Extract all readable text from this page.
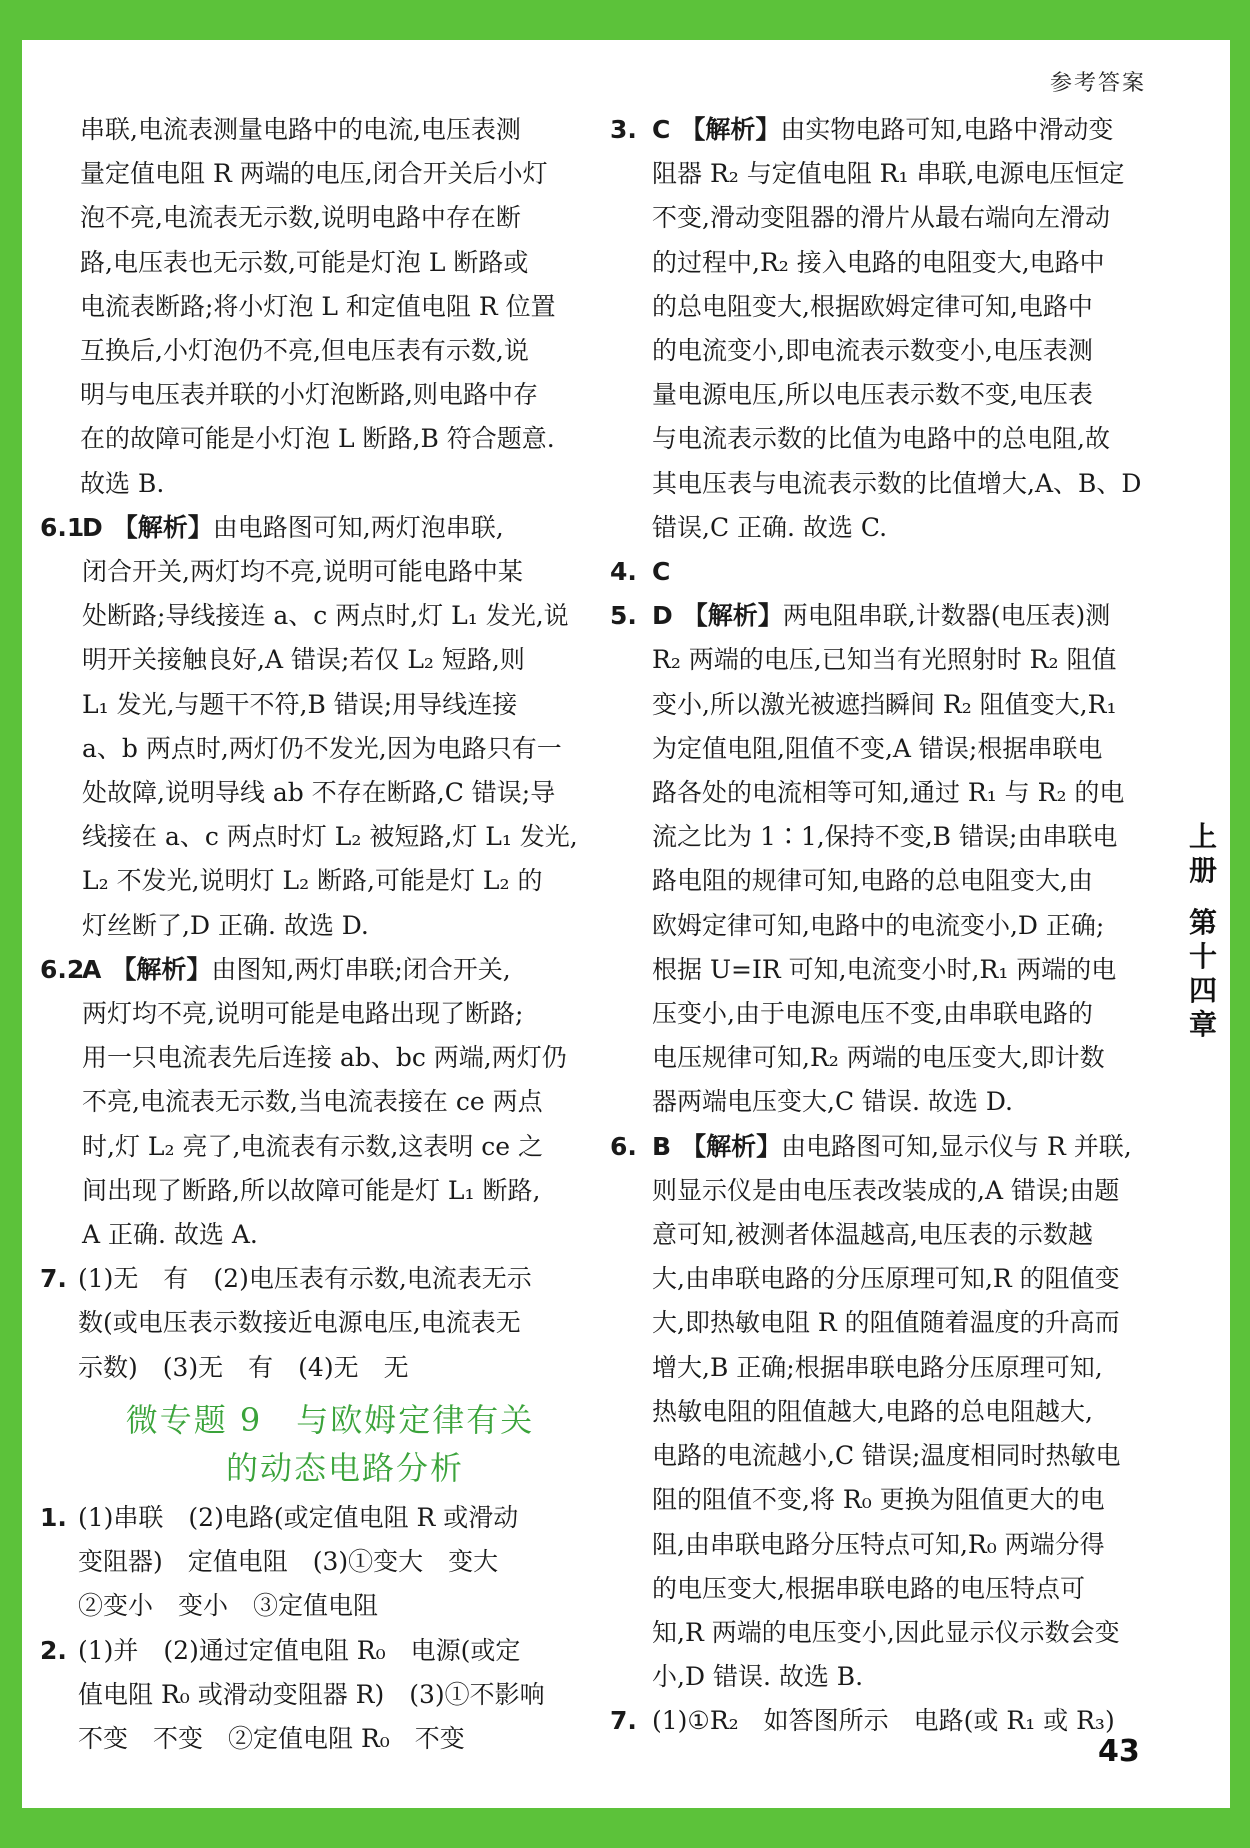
参考答案
串联,电流表测量电路中的电流,电压表测
量定值电阻 R 两端的电压,闭合开关后小灯
泡不亮,电流表无示数,说明电路中存在断
路,电压表也无示数,可能是灯泡 L 断路或
电流表断路;将小灯泡 L 和定值电阻 R 位置
互换后,小灯泡仍不亮,但电压表有示数,说
明与电压表并联的小灯泡断路,则电路中存
在的故障可能是小灯泡 L 断路,B 符合题意.
故选 B.
6.1
D 【解析】由电路图可知,两灯泡串联,
闭合开关,两灯均不亮,说明可能电路中某
处断路;导线接连 a、c 两点时,灯 L₁ 发光,说
明开关接触良好,A 错误;若仅 L₂ 短路,则
L₁ 发光,与题干不符,B 错误;用导线连接
a、b 两点时,两灯仍不发光,因为电路只有一
处故障,说明导线 ab 不存在断路,C 错误;导
线接在 a、c 两点时灯 L₂ 被短路,灯 L₁ 发光,
L₂ 不发光,说明灯 L₂ 断路,可能是灯 L₂ 的
灯丝断了,D 正确. 故选 D.
6.2
A 【解析】由图知,两灯串联;闭合开关,
两灯均不亮,说明可能是电路出现了断路;
用一只电流表先后连接 ab、bc 两端,两灯仍
不亮,电流表无示数,当电流表接在 ce 两点
时,灯 L₂ 亮了,电流表有示数,这表明 ce 之
间出现了断路,所以故障可能是灯 L₁ 断路,
A 正确. 故选 A.
7. (1)无　有　(2)电压表有示数,电流表无示
数(或电压表示数接近电源电压,电流表无
示数)　(3)无　有　(4)无　无
微专题 9　与欧姆定律有关
的动态电路分析
1. (1)串联　(2)电路(或定值电阻 R 或滑动
变阻器)　定值电阻　(3)①变大　变大
②变小　变小　③定值电阻
2. (1)并　(2)通过定值电阻 R₀　电源(或定
值电阻 R₀ 或滑动变阻器 R)　(3)①不影响
不变　不变　②定值电阻 R₀　不变
3. C 【解析】由实物电路可知,电路中滑动变
阻器 R₂ 与定值电阻 R₁ 串联,电源电压恒定
不变,滑动变阻器的滑片从最右端向左滑动
的过程中,R₂ 接入电路的电阻变大,电路中
的总电阻变大,根据欧姆定律可知,电路中
的电流变小,即电流表示数变小,电压表测
量电源电压,所以电压表示数不变,电压表
与电流表示数的比值为电路中的总电阻,故
其电压表与电流表示数的比值增大,A、B、D
错误,C 正确. 故选 C.
4. C
5. D 【解析】两电阻串联,计数器(电压表)测
R₂ 两端的电压,已知当有光照射时 R₂ 阻值
变小,所以激光被遮挡瞬间 R₂ 阻值变大,R₁
为定值电阻,阻值不变,A 错误;根据串联电
路各处的电流相等可知,通过 R₁ 与 R₂ 的电
流之比为 1∶1,保持不变,B 错误;由串联电
路电阻的规律可知,电路的总电阻变大,由
欧姆定律可知,电路中的电流变小,D 正确;
根据 U=IR 可知,电流变小时,R₁ 两端的电
压变小,由于电源电压不变,由串联电路的
电压规律可知,R₂ 两端的电压变大,即计数
器两端电压变大,C 错误. 故选 D.
6. B 【解析】由电路图可知,显示仪与 R 并联,
则显示仪是由电压表改装成的,A 错误;由题
意可知,被测者体温越高,电压表的示数越
大,由串联电路的分压原理可知,R 的阻值变
大,即热敏电阻 R 的阻值随着温度的升高而
增大,B 正确;根据串联电路分压原理可知,
热敏电阻的阻值越大,电路的总电阻越大,
电路的电流越小,C 错误;温度相同时热敏电
阻的阻值不变,将 R₀ 更换为阻值更大的电
阻,由串联电路分压特点可知,R₀ 两端分得
的电压变大,根据串联电路的电压特点可
知,R 两端的电压变小,因此显示仪示数会变
小,D 错误. 故选 B.
7. (1)①R₂　如答图所示　电路(或 R₁ 或 R₃)
上册
第十四章
43
